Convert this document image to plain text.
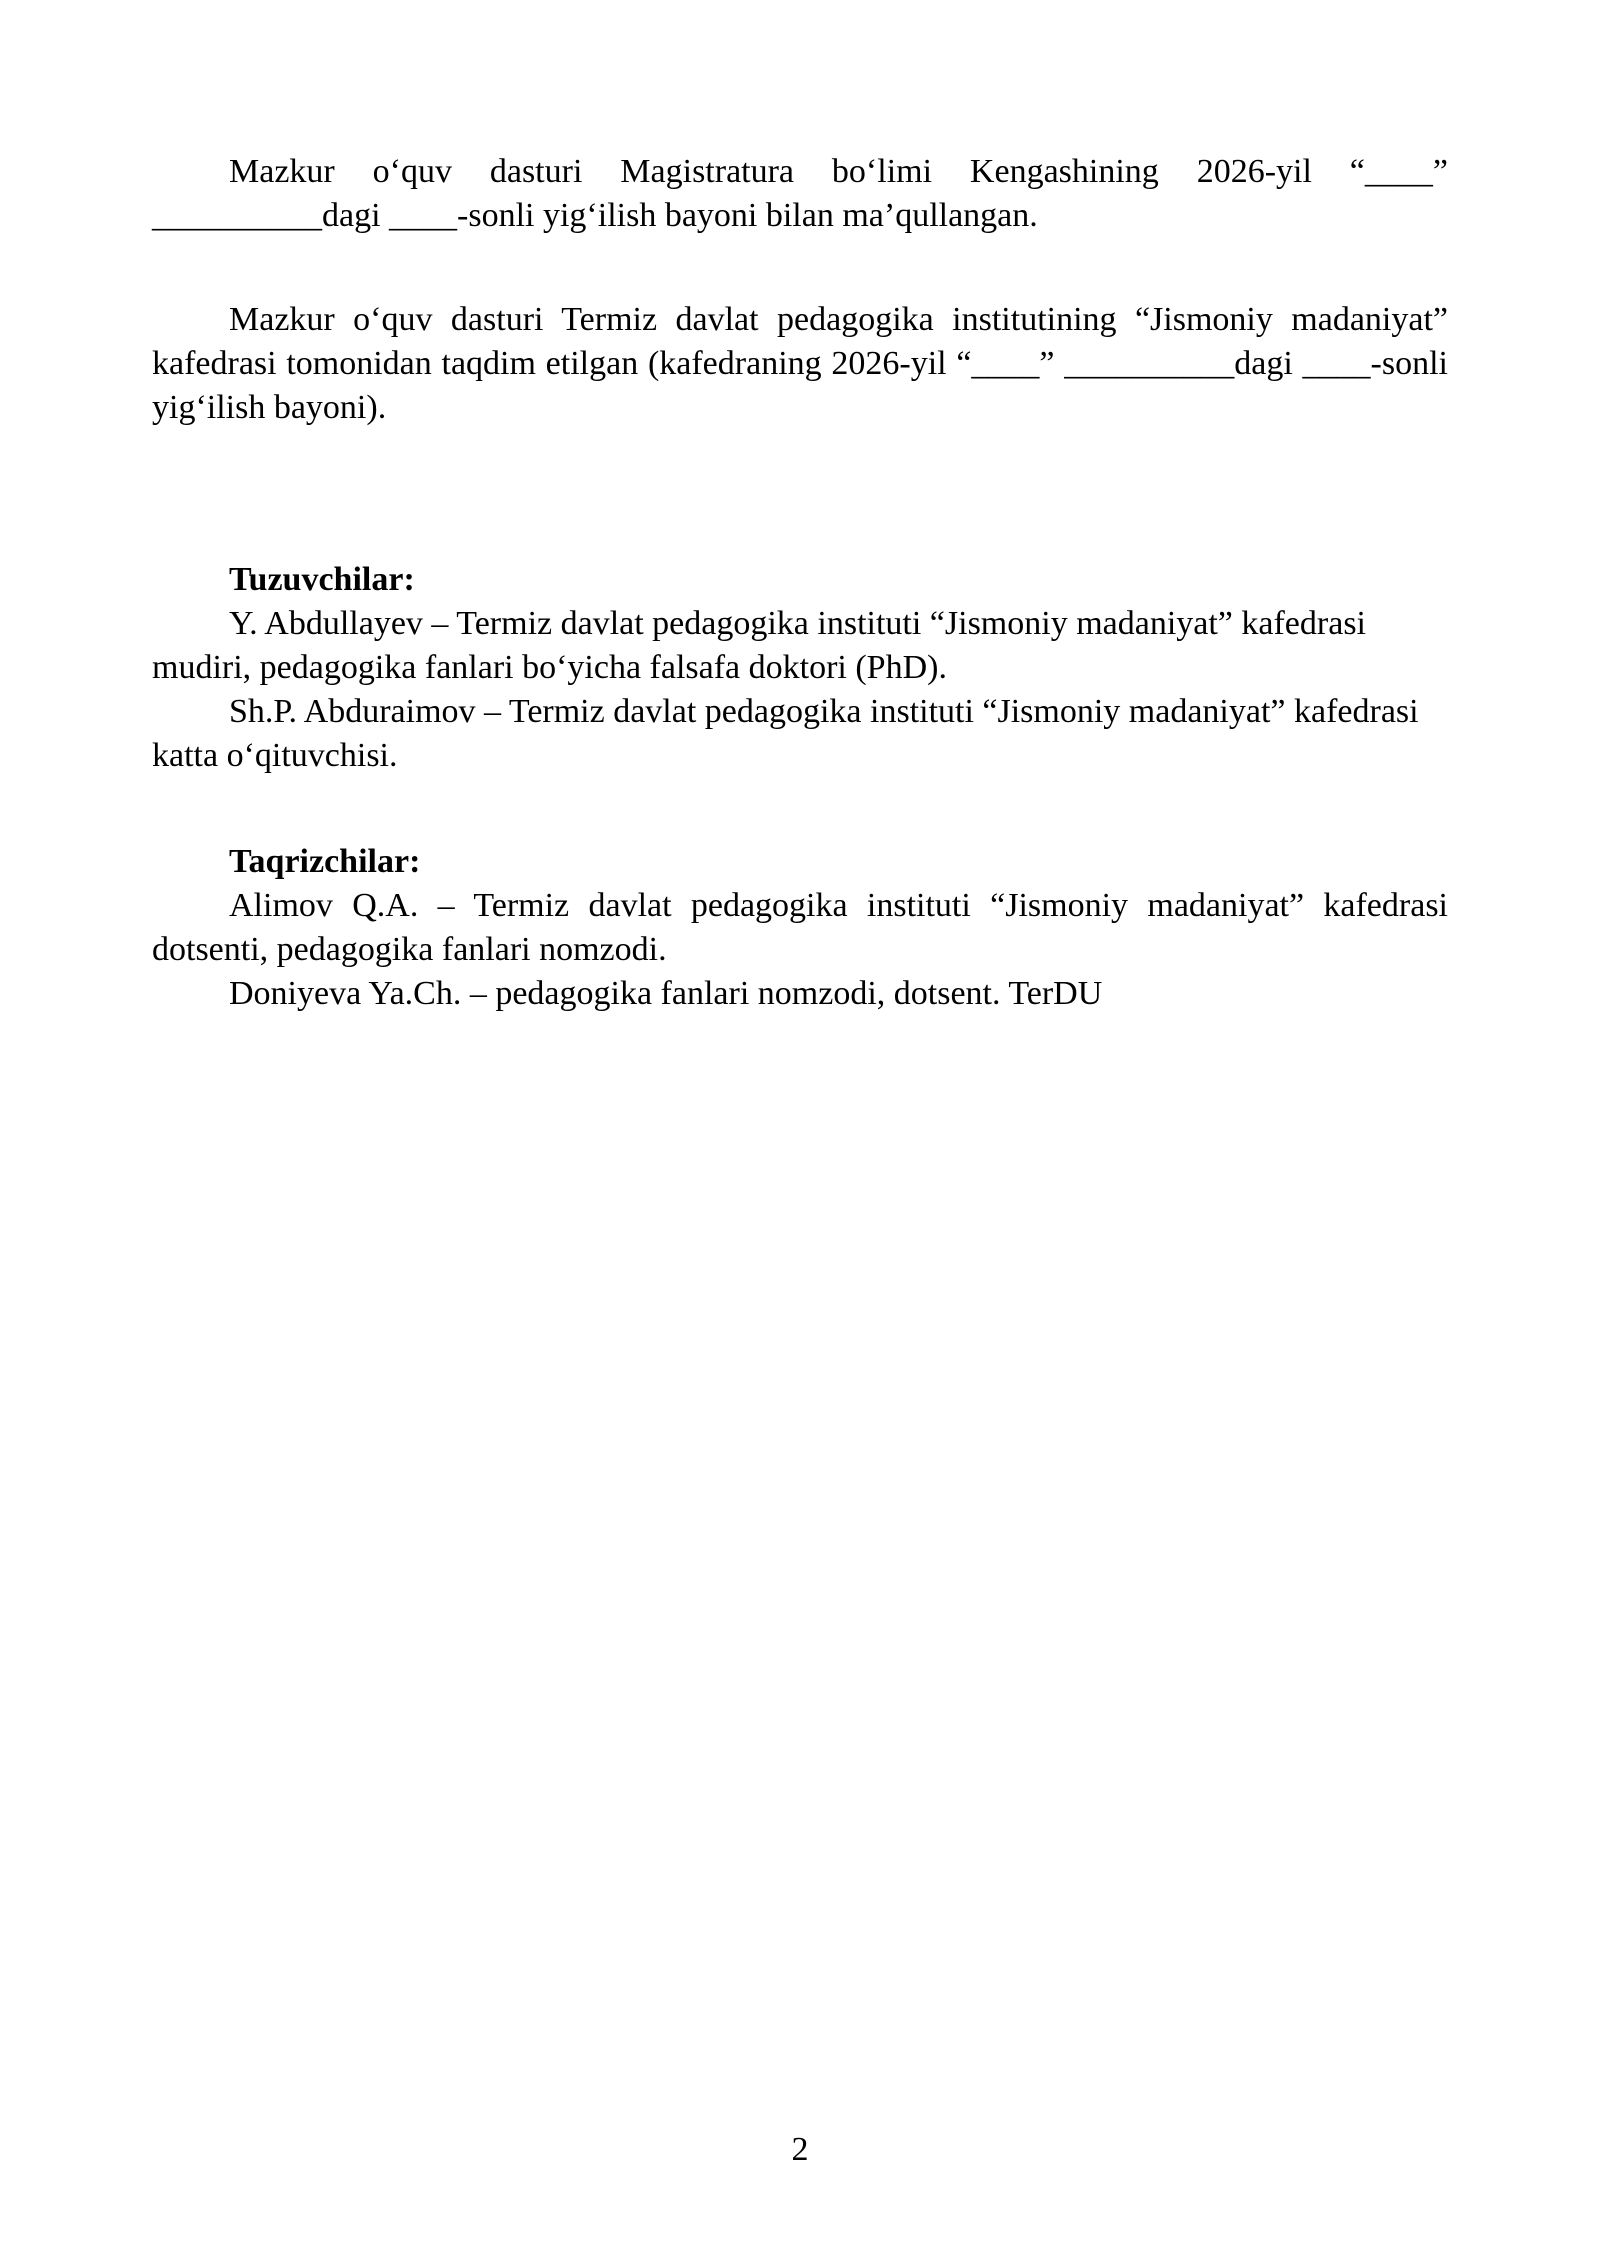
Mazkur o‘quv dasturi Magistratura bo‘limi Kengashining 2026-yil “____” __________dagi ____-sonli yig‘ilish bayoni bilan ma’qullangan.

Mazkur o‘quv dasturi Termiz davlat pedagogika institutining “Jismoniy madaniyat” kafedrasi tomonidan taqdim etilgan (kafedraning 2026-yil “____” __________dagi ____-sonli yig‘ilish bayoni).

Tuzuvchilar:

Y. Abdullayev – Termiz davlat pedagogika instituti “Jismoniy madaniyat” kafedrasi mudiri, pedagogika fanlari bo‘yicha falsafa doktori (PhD).

Sh.P. Abduraimov – Termiz davlat pedagogika instituti “Jismoniy madaniyat” kafedrasi katta o‘qituvchisi.

Taqrizchilar:

Alimov Q.A. – Termiz davlat pedagogika instituti “Jismoniy madaniyat” kafedrasi dotsenti, pedagogika fanlari nomzodi.

Doniyeva Ya.Ch. – pedagogika fanlari nomzodi, dotsent. TerDU

2
